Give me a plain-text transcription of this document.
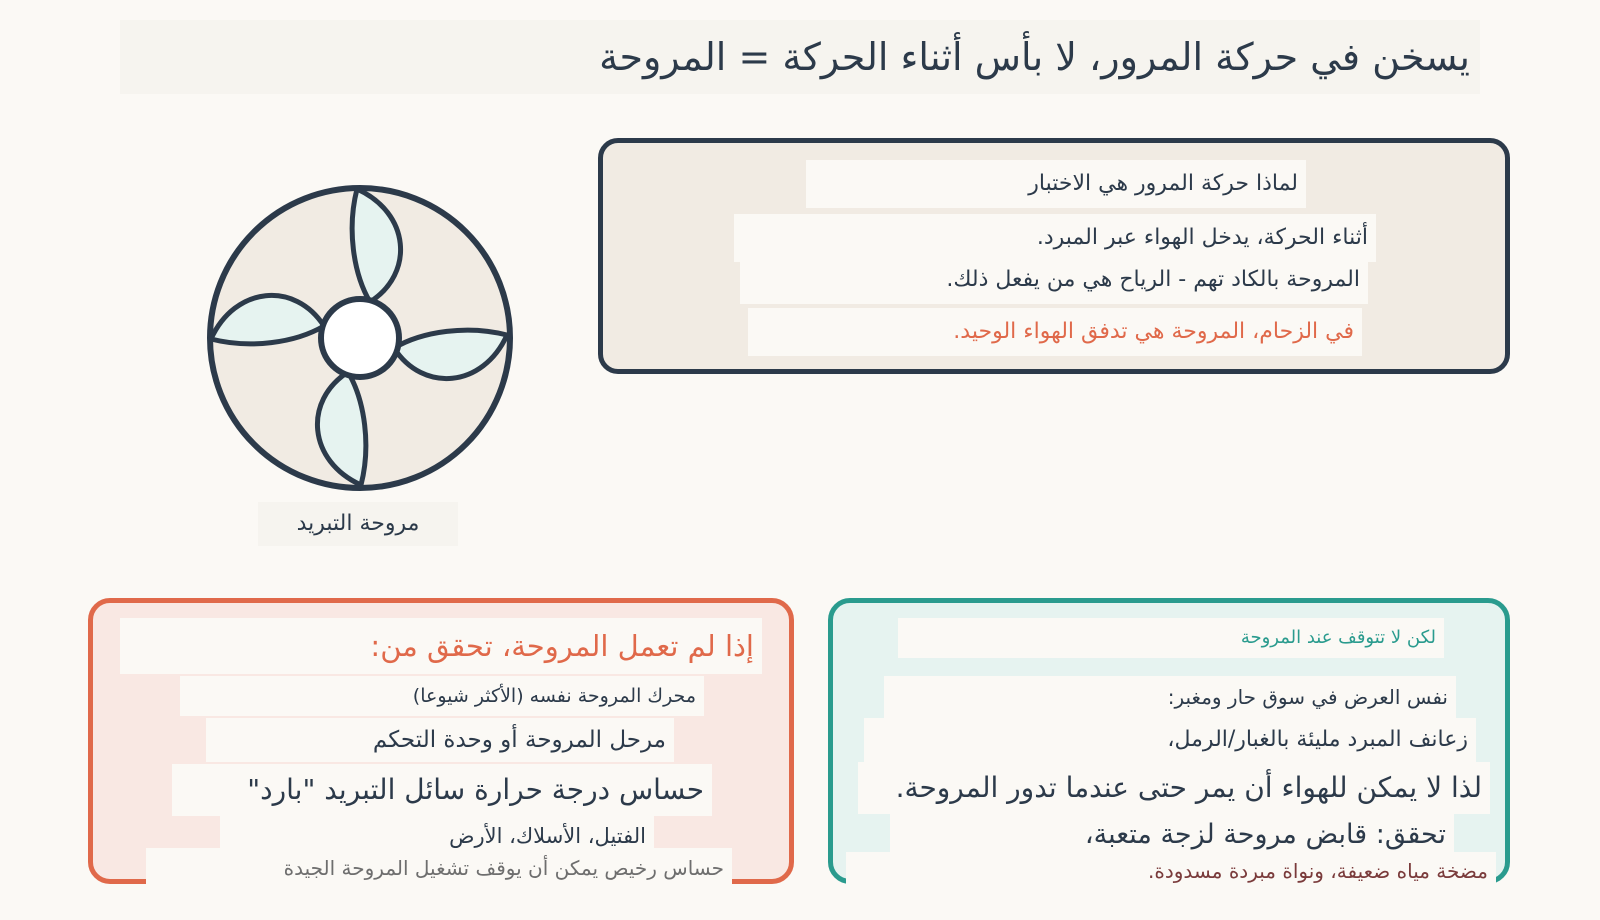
يسخن في حركة المرور، لا بأس أثناء الحركة = المروحة
مروحة التبريد
لماذا حركة المرور هي الاختبار
أثناء الحركة، يدخل الهواء عبر المبرد.
المروحة بالكاد تهم - الرياح هي من يفعل ذلك.
في الزحام، المروحة هي تدفق الهواء الوحيد.
إذا لم تعمل المروحة، تحقق من:
محرك المروحة نفسه (الأكثر شيوعا)
مرحل المروحة أو وحدة التحكم
حساس درجة حرارة سائل التبريد "بارد"
الفتيل، الأسلاك، الأرض
حساس رخيص يمكن أن يوقف تشغيل المروحة الجيدة
لكن لا تتوقف عند المروحة
نفس العرض في سوق حار ومغبر:
زعانف المبرد مليئة بالغبار/الرمل،
لذا لا يمكن للهواء أن يمر حتى عندما تدور المروحة.
تحقق: قابض مروحة لزجة متعبة،
مضخة مياه ضعيفة، ونواة مبردة مسدودة.
